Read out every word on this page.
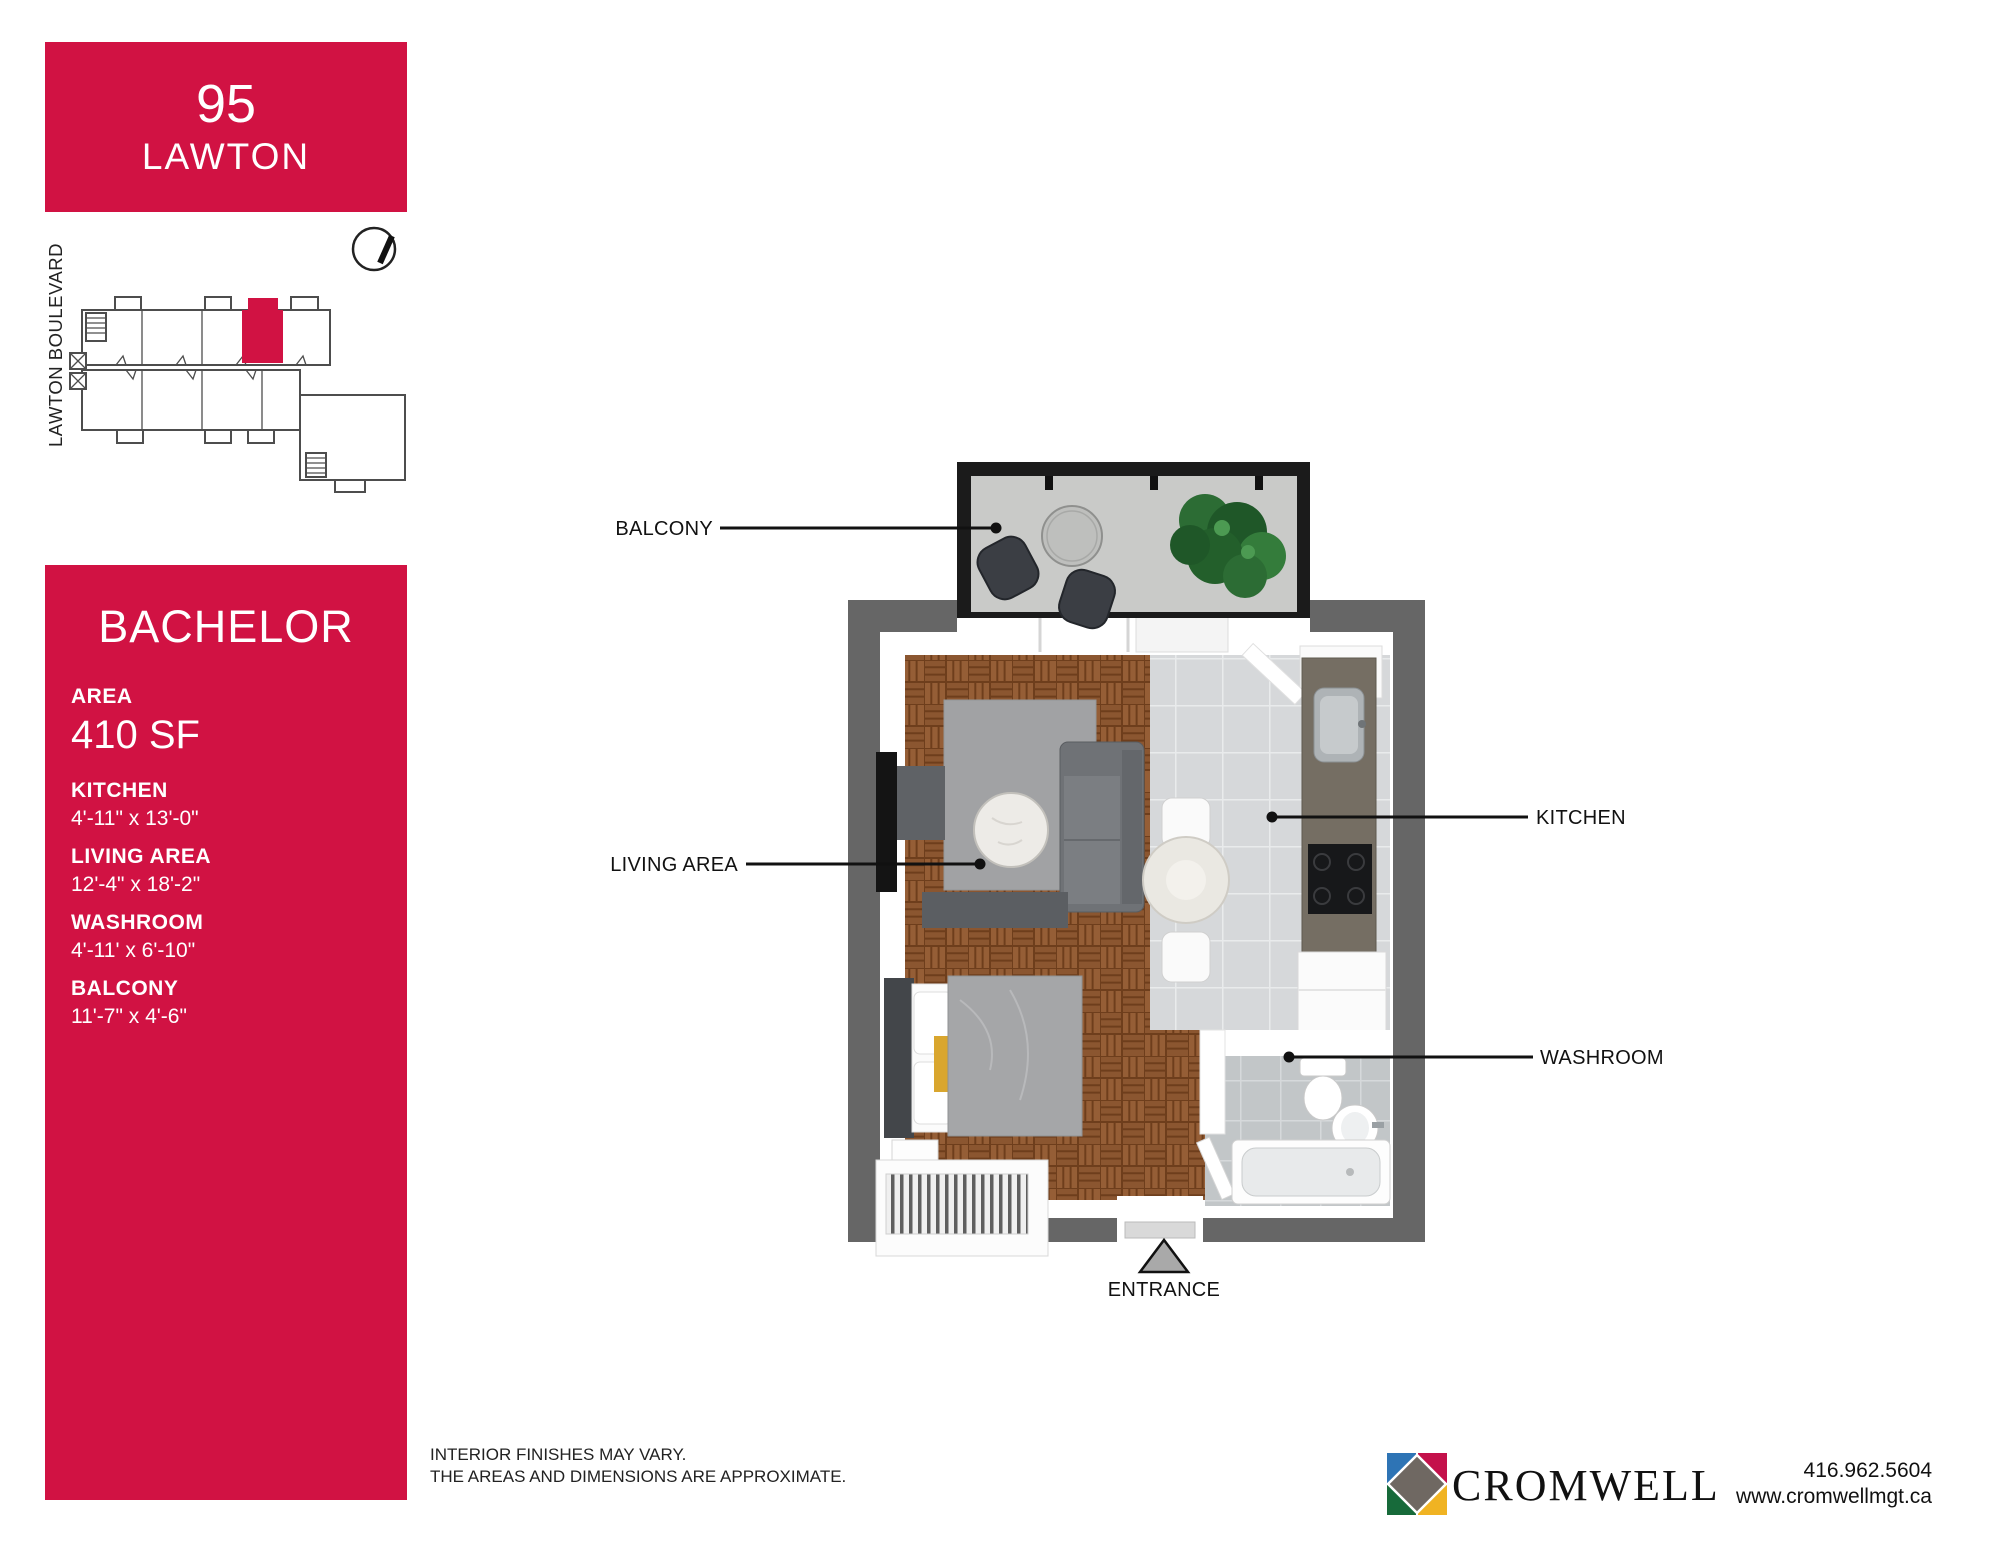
95
LAWTON
BACHELOR
AREA
410 SF
KITCHEN
4'-11" x 13'-0"
LIVING AREA
12'-4" x 18'-2"
WASHROOM
4'-11' x 6'-10"
BALCONY
11'-7" x 4'-6"
LAWTON BOULEVARD
BALCONY
LIVING AREA
KITCHEN
WASHROOM
ENTRANCE
INTERIOR FINISHES MAY VARY.
THE AREAS AND DIMENSIONS ARE APPROXIMATE.	CROMWELL	416.962.5604
www.cromwellmgt.ca
